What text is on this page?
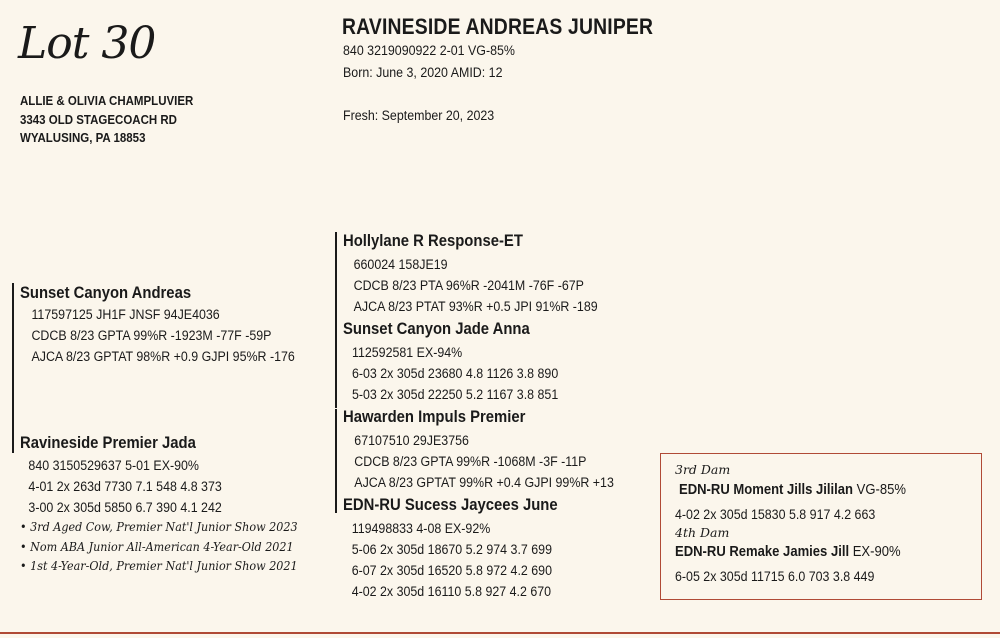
Lot 30
ALLIE & OLIVIA CHAMPLUVIER
3343 OLD STAGECOACH RD
WYALUSING, PA 18853
RAVINESIDE ANDREAS JUNIPER
840 3219090922 2-01 VG-85%
Born: June 3, 2020 AMID: 12
Fresh: September 20, 2023
Sunset Canyon Andreas
117597125 JH1F JNSF 94JE4036
CDCB 8/23 GPTA 99%R -1923M -77F -59P
AJCA 8/23 GPTAT 98%R +0.9 GJPI 95%R -176
Ravineside Premier Jada
840 3150529637 5-01 EX-90%
4-01 2x 263d 7730 7.1 548 4.8 373
3-00 2x 305d 5850 6.7 390 4.1 242
• 3rd Aged Cow, Premier Nat'l Junior Show 2023
• Nom ABA Junior All-American 4-Year-Old 2021
• 1st 4-Year-Old, Premier Nat'l Junior Show 2021
Hollylane R Response-ET
660024 158JE19
CDCB 8/23 PTA 96%R -2041M -76F -67P
AJCA 8/23 PTAT 93%R +0.5 JPI 91%R -189
Sunset Canyon Jade Anna
112592581 EX-94%
6-03 2x 305d 23680 4.8 1126 3.8 890
5-03 2x 305d 22250 5.2 1167 3.8 851
Hawarden Impuls Premier
67107510 29JE3756
CDCB 8/23 GPTA 99%R -1068M -3F -11P
AJCA 8/23 GPTAT 99%R +0.4 GJPI 99%R +13
EDN-RU Sucess Jaycees June
119498833 4-08 EX-92%
5-06 2x 305d 18670 5.2 974 3.7 699
6-07 2x 305d 16520 5.8 972 4.2 690
4-02 2x 305d 16110 5.8 927 4.2 670
3rd Dam
EDN-RU Moment Jills Jililan VG-85%
4-02 2x 305d 15830 5.8 917 4.2 663
4th Dam
EDN-RU Remake Jamies Jill EX-90%
6-05 2x 305d 11715 6.0 703 3.8 449
